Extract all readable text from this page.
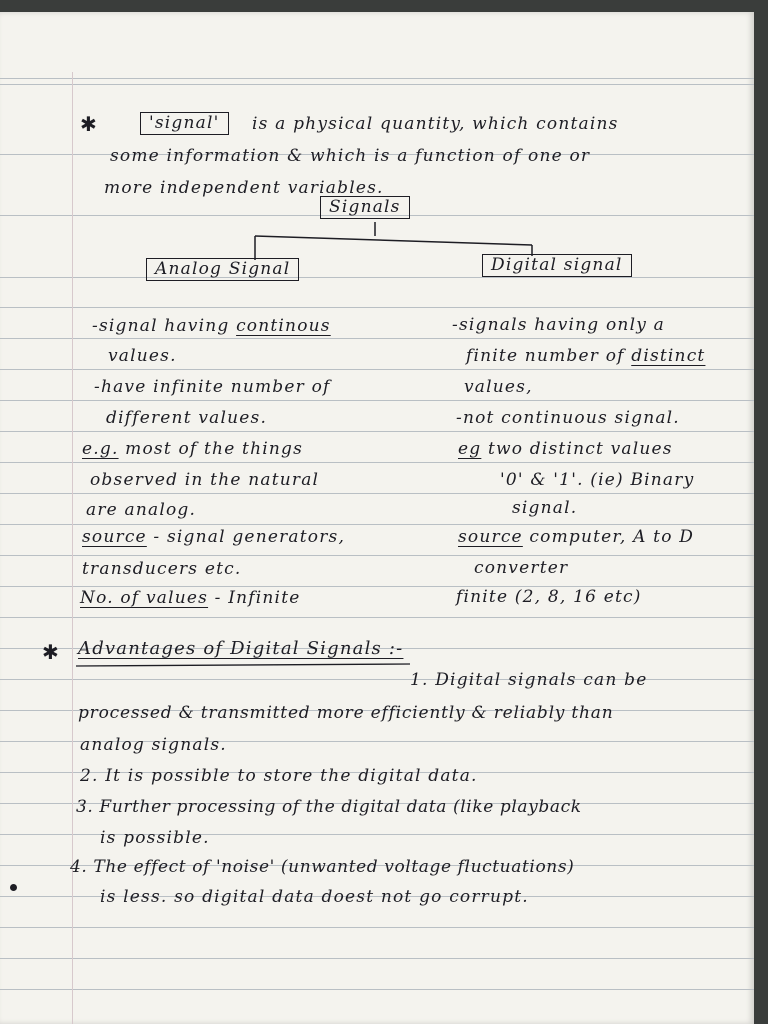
✱	'signal'	is a physical quantity, which contains
some information & which is a function of one or
more independent variables.
Signals
Analog Signal	Digital signal
-signal having continous
values.
-have infinite number of
different values.
e.g. most of the things
observed in the natural
are analog.
source - signal generators,
transducers etc.
No. of values - Infinite
-signals having only a
finite number of distinct
values,
-not continuous signal.
eg two distinct values
'0' & '1'. (ie) Binary
signal.
source computer, A to D
converter
finite (2, 8, 16 etc)
✱ Advantages of Digital Signals :-
1. Digital signals can be
processed & transmitted more efficiently & reliably than
analog signals.
2. It is possible to store the digital data.
3. Further processing of the digital data (like playback
is possible.
4. The effect of 'noise' (unwanted voltage fluctuations)
is less. so digital data doest not go corrupt.
